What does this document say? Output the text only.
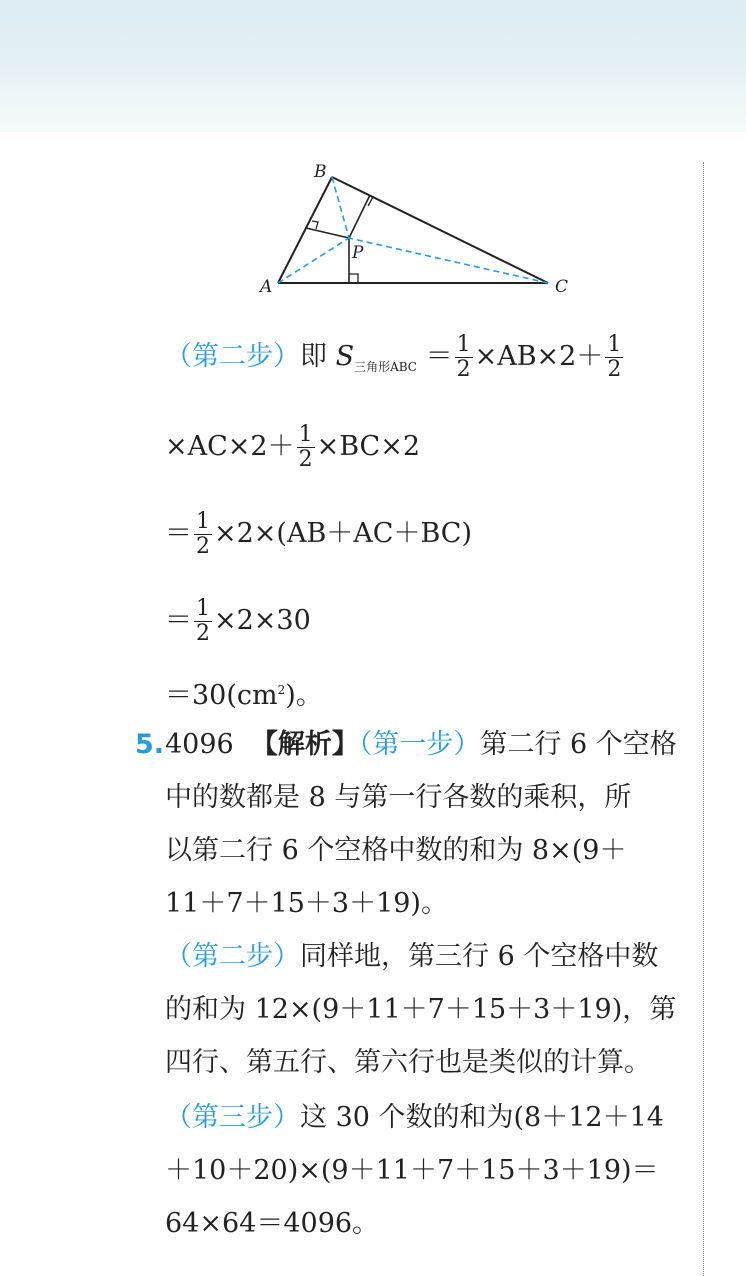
A
B
C
P
（第二步）即 $S_{三角形ABC} = \frac{1}{2} \times AB\times 2+ \frac{1}{2}$
$\times AC\times 2+ \frac{1}{2} \times BC\times 2$
＝ $\frac{1}{2} \times 2\times(AB+AC+BC)$
＝ $\frac{1}{2} \times 2\times 30$
$=30(cm^2)$。
5. 4096 【解析】（第一步）第二行 6 个空格
中的数都是 8 与第一行各数的乘积，所
以第二行 6 个空格中数的和为 8×(9＋
11＋7＋15＋3＋19)。
（第二步）同样地，第三行 6 个空格中数
的和为 12×(9＋11＋7＋15＋3＋19)，第
四行、第五行、第六行也是类似的计算。
（第三步）这 30 个数的和为(8＋12＋14
＋10＋20)×(9＋11＋7＋15＋3＋19)＝
64×64＝4096。
